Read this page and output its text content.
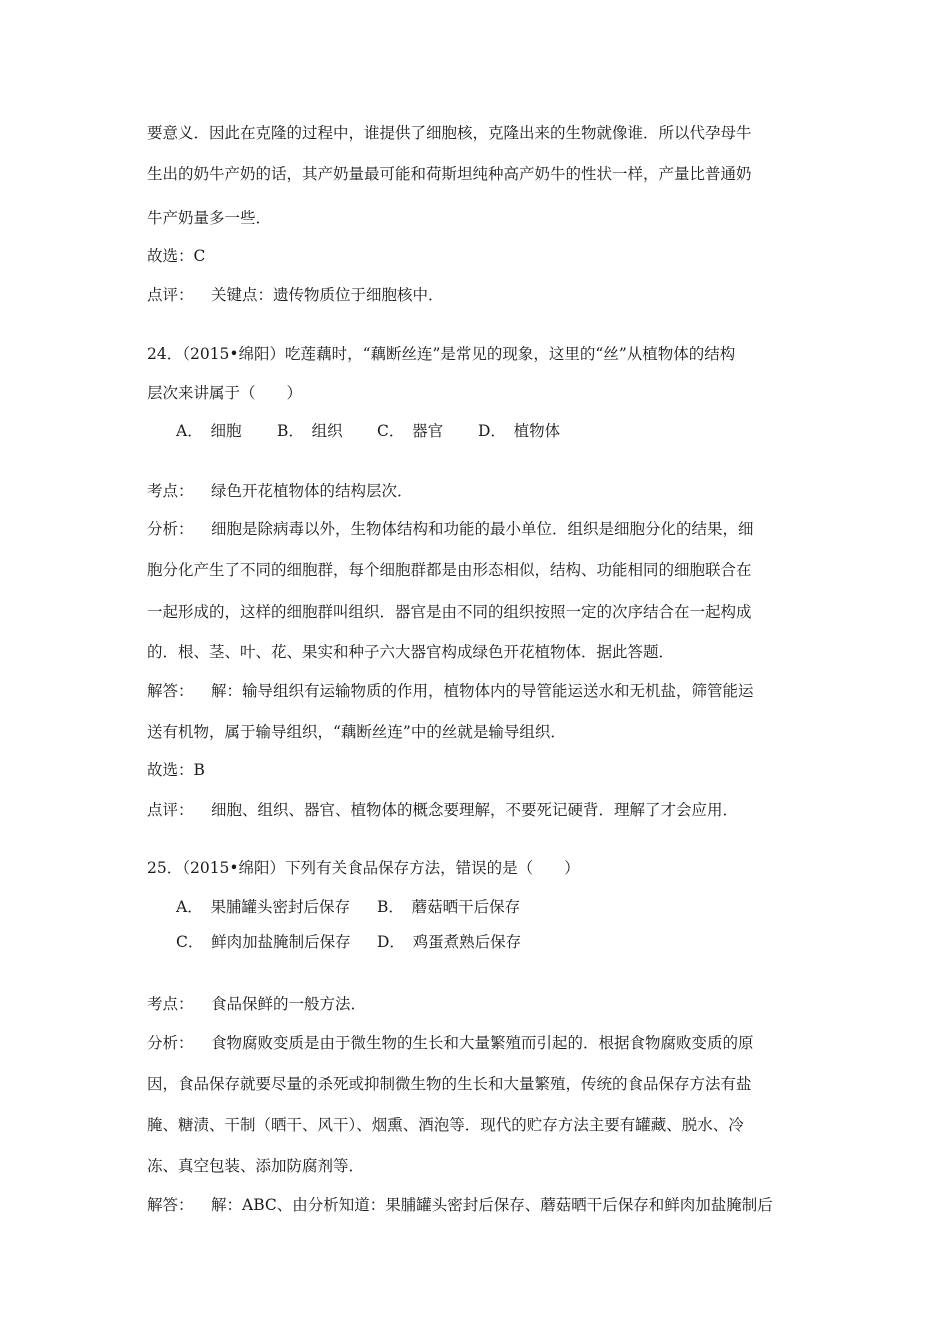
要意义．因此在克隆的过程中，谁提供了细胞核，克隆出来的生物就像谁．所以代孕母牛
生出的奶牛产奶的话，其产奶量最可能和荷斯坦纯种高产奶牛的性状一样，产量比普通奶
牛产奶量多一些．
故选：C
点评： 关键点：遗传物质位于细胞核中．
24．（2015•绵阳）吃莲藕时，“藕断丝连”是常见的现象，这里的“丝”从植物体的结构
层次来讲属于（　　）
A．　细胞 B．　组织 C．　器官 D．　植物体
考点： 绿色开花植物体的结构层次．
分析： 细胞是除病毒以外，生物体结构和功能的最小单位．组织是细胞分化的结果，细
胞分化产生了不同的细胞群，每个细胞群都是由形态相似，结构、功能相同的细胞联合在
一起形成的，这样的细胞群叫组织．器官是由不同的组织按照一定的次序结合在一起构成
的．根、茎、叶、花、果实和种子六大器官构成绿色开花植物体．据此答题．
解答： 解：输导组织有运输物质的作用，植物体内的导管能运送水和无机盐，筛管能运
送有机物，属于输导组织，“藕断丝连”中的丝就是输导组织．
故选：B
点评： 细胞、组织、器官、植物体的概念要理解，不要死记硬背．理解了才会应用．
25．（2015•绵阳）下列有关食品保存方法，错误的是（　　）
A．　果脯罐头密封后保存 B．　蘑菇晒干后保存
C．　鲜肉加盐腌制后保存 D．　鸡蛋煮熟后保存
考点： 食品保鲜的一般方法．
分析： 食物腐败变质是由于微生物的生长和大量繁殖而引起的．根据食物腐败变质的原
因，食品保存就要尽量的杀死或抑制微生物的生长和大量繁殖，传统的食品保存方法有盐
腌、糖渍、干制（晒干、风干）、烟熏、酒泡等．现代的贮存方法主要有罐藏、脱水、冷
冻、真空包装、添加防腐剂等．
解答： 解：ABC、由分析知道：果脯罐头密封后保存、蘑菇晒干后保存和鲜肉加盐腌制后
